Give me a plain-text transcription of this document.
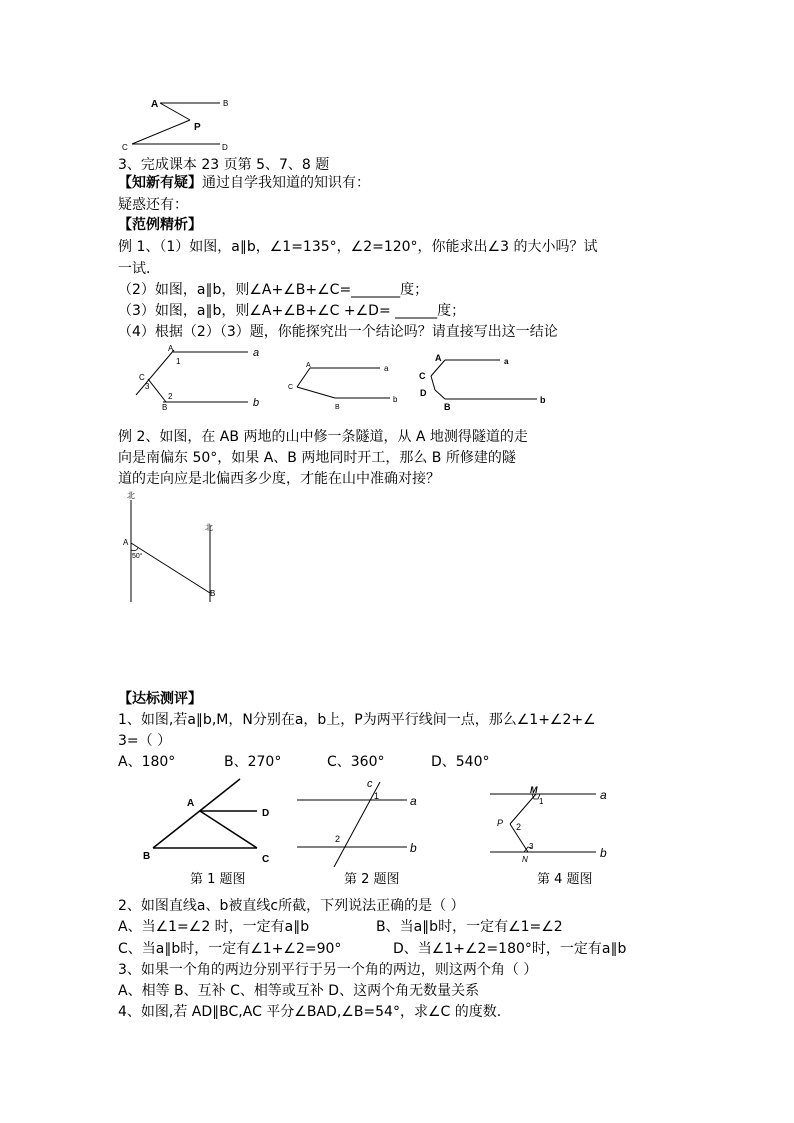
A	B
P
C	D
3、完成课本 23 页第 5、7、8 题
【知新有疑】通过自学我知道的知识有：
疑惑还有：
【范例精析】
例 1、（1）如图，a∥b，∠1=135°，∠2=120°，你能求出∠3 的大小吗？试
一试.
（2）如图，a∥b，则∠A+∠B+∠C=_______度；
（3）如图，a∥b，则∠A+∠B+∠C +∠D= ______度；
（4）根据（2）（3）题，你能探究出一个结论吗？请直接写出这一结论
A
1
a
C
3
2
B	b
A	a
C
B
b
A	a
C
D
B
b
例 2、如图，在 AB 两地的山中修一条隧道，从 A 地测得隧道的走
向是南偏东 50°，如果 A、B 两地同时开工，那么 B 所修建的隧
道的走向应是北偏西多少度，才能在山中准确对接？
北
北
A
50°
B
【达标测评】
1、如图,若a∥b,M，N分别在a，b上，P为两平行线间一点，那么∠1+∠2+∠
3=（ ）
A、180°	B、270°	C、360°	D、540°
A
D
B	C
第 1 题图
c
1	a
2
b
第 2 题图
M	a
1
P 2
3
N	b
第 4 题图
2、如图直线a、b被直线c所截，下列说法正确的是（ ）
A、当∠1=∠2 时，一定有a∥b	B、当a∥b时，一定有∠1=∠2
C、当a∥b时，一定有∠1+∠2=90°	D、当∠1+∠2=180°时，一定有a∥b
3、如果一个角的两边分别平行于另一个角的两边，则这两个角（ ）
A、相等 B、互补 C、相等或互补 D、这两个角无数量关系
4、如图,若 AD∥BC,AC 平分∠BAD,∠B=54°，求∠C 的度数.
